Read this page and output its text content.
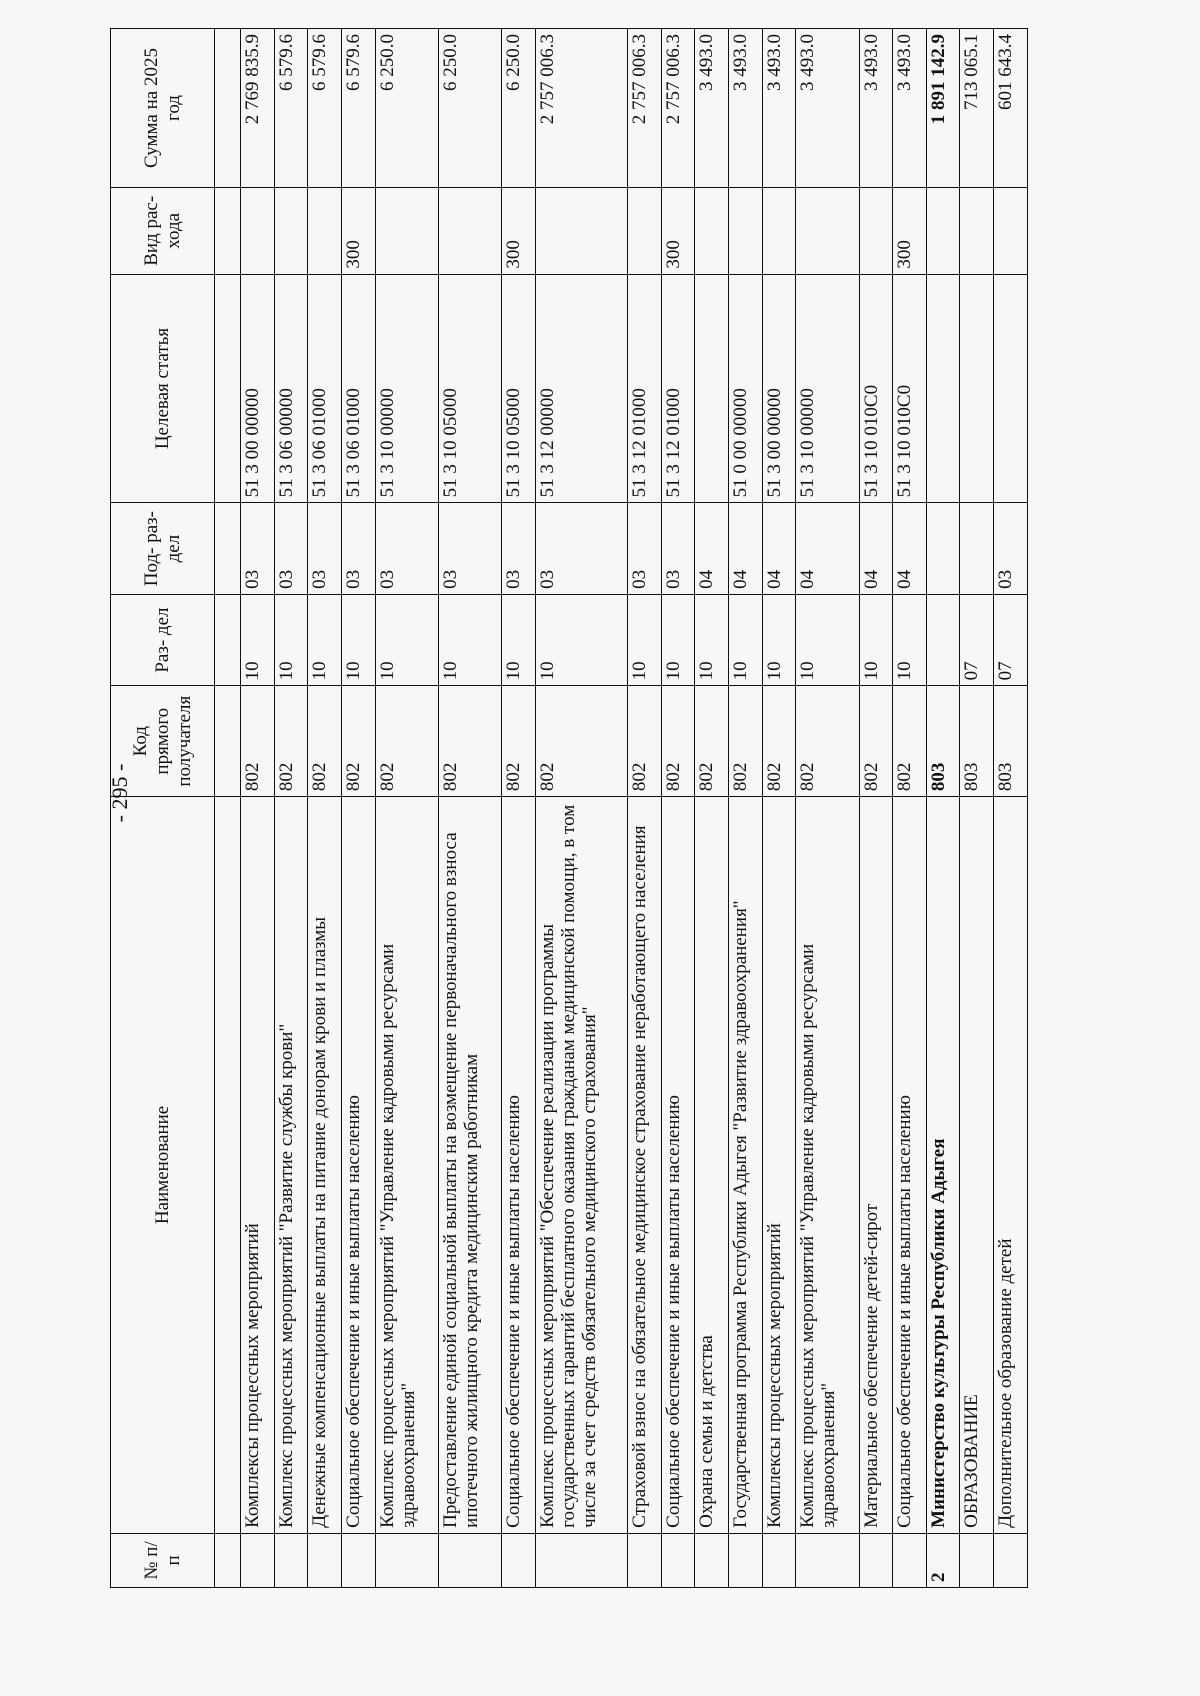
- 295 -
№ п/п	Наименование	Код прямого получателя	Раз- дел	Под- раз- дел	Целевая статья	Вид рас- хода	Сумма на 2025 год

	Комплексы процессных мероприятий	802	10	03	51 3 00 00000		2 769 835.9
	Комплекс процессных мероприятий "Развитие службы крови"	802	10	03	51 3 06 00000		6 579.6
	Денежные компенсационные выплаты на питание донорам крови и плазмы	802	10	03	51 3 06 01000		6 579.6
	Социальное обеспечение и иные выплаты населению	802	10	03	51 3 06 01000	300	6 579.6
	Комплекс процессных мероприятий "Управление кадровыми ресурсами здравоохранения"	802	10	03	51 3 10 00000		6 250.0
	Предоставление единой социальной выплаты на возмещение первоначального взноса ипотечного жилищного кредита медицинским работникам	802	10	03	51 3 10 05000		6 250.0
	Социальное обеспечение и иные выплаты населению	802	10	03	51 3 10 05000	300	6 250.0
	Комплекс процессных мероприятий "Обеспечение реализации программы государственных гарантий бесплатного оказания гражданам медицинской помощи, в том числе за счет средств обязательного медицинского страхования"	802	10	03	51 3 12 00000		2 757 006.3
	Страховой взнос на обязательное медицинское страхование неработающего населения	802	10	03	51 3 12 01000		2 757 006.3
	Социальное обеспечение и иные выплаты населению	802	10	03	51 3 12 01000	300	2 757 006.3
	Охрана семьи и детства	802	10	04			3 493.0
	Государственная программа Республики Адыгея "Развитие здравоохранения"	802	10	04	51 0 00 00000		3 493.0
	Комплексы процессных мероприятий	802	10	04	51 3 00 00000		3 493.0
	Комплекс процессных мероприятий "Управление кадровыми ресурсами здравоохранения"	802	10	04	51 3 10 00000		3 493.0
	Материальное обеспечение детей-сирот	802	10	04	51 3 10 010С0		3 493.0
	Социальное обеспечение и иные выплаты населению	802	10	04	51 3 10 010С0	300	3 493.0
2	Министерство культуры Республики Адыгея	803					1 891 142.9
	ОБРАЗОВАНИЕ	803	07				713 065.1
	Дополнительное образование детей	803	07	03			601 643.4
